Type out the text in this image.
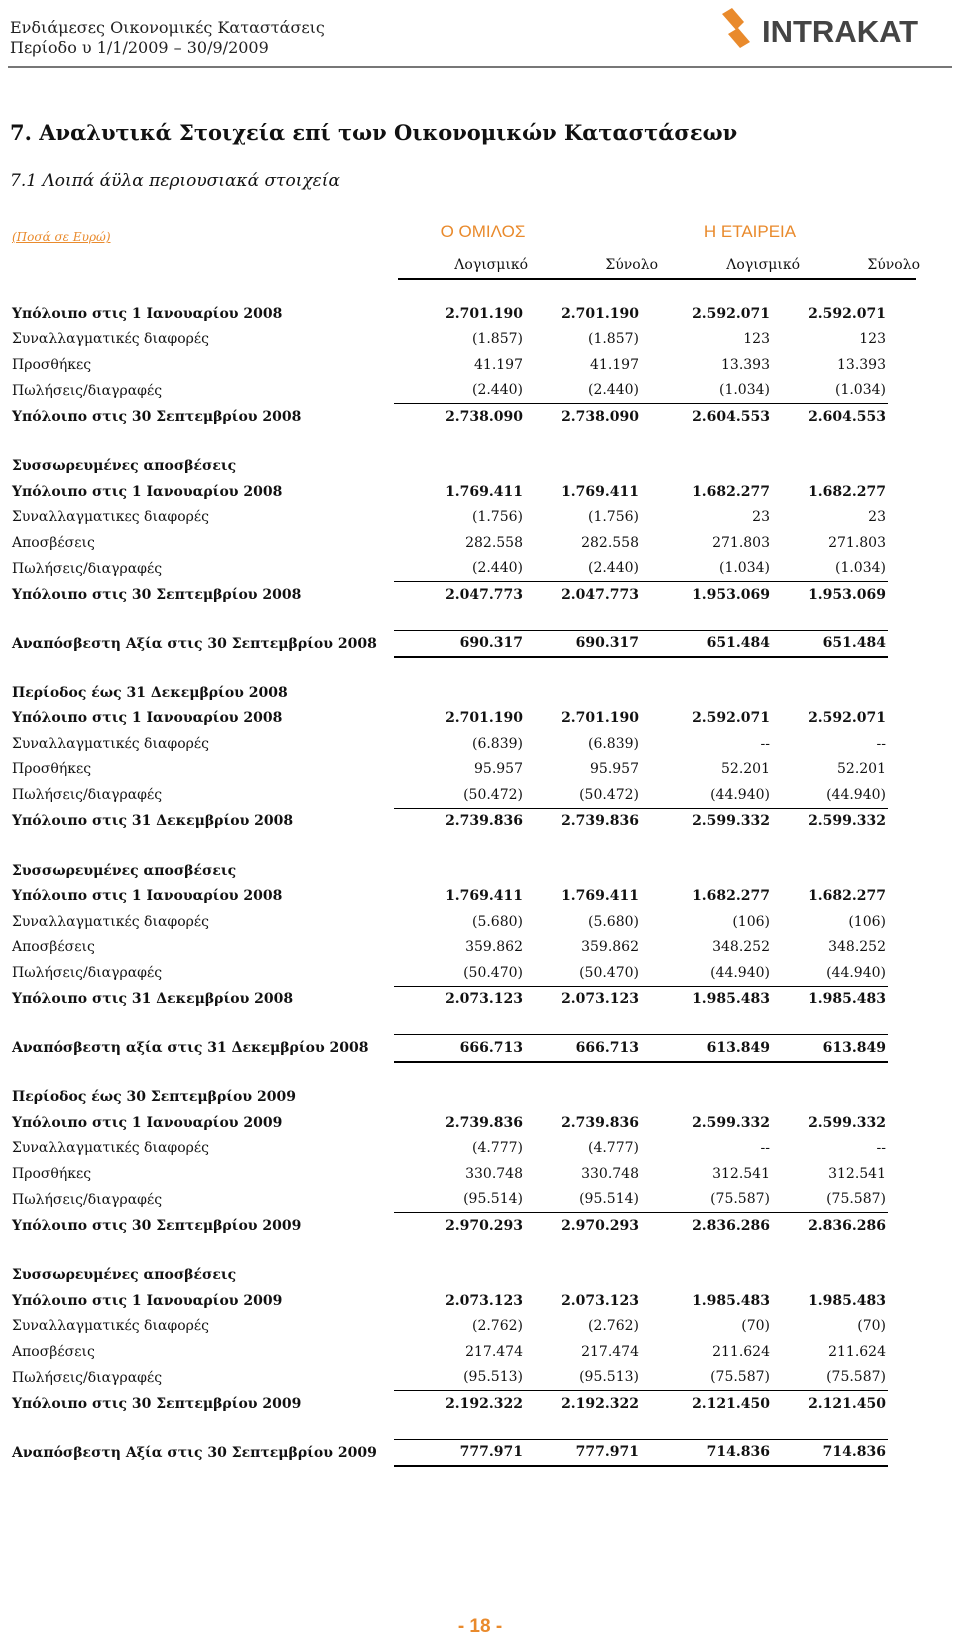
Ενδιάμεσες Οικονομικές Καταστάσεις
Περίοδο υ 1/1/2009 – 30/9/2009	INTRAKAT
7. Αναλυτικά Στοιχεία επί των Οικονομικών Καταστάσεων
7.1 Λοιπά άϋλα περιουσιακά στοιχεία
(Ποσά σε Ευρώ)	Ο ΟΜΙΛΟΣ	Η ΕΤΑΙΡΕΙΑ
Λογισμικό	Σύνολο	Λογισμικό	Σύνολο
Υπόλοιπο στις 1 Ιανουαρίου 2008	2.701.190	2.701.190	2.592.071	2.592.071
Συναλλαγματικές διαφορές	(1.857)	(1.857)	123	123
Προσθήκες	41.197	41.197	13.393	13.393
Πωλήσεις/διαγραφές	(2.440)	(2.440)	(1.034)	(1.034)
Υπόλοιπο στις 30 Σεπτεμβρίου 2008	2.738.090	2.738.090	2.604.553	2.604.553

Συσσωρευμένες αποσβέσεις				
Υπόλοιπο στις 1 Ιανουαρίου 2008	1.769.411	1.769.411	1.682.277	1.682.277
Συναλλαγματικες διαφορές	(1.756)	(1.756)	23	23
Αποσβέσεις	282.558	282.558	271.803	271.803
Πωλήσεις/διαγραφές	(2.440)	(2.440)	(1.034)	(1.034)
Υπόλοιπο στις 30 Σεπτεμβρίου 2008	2.047.773	2.047.773	1.953.069	1.953.069

Αναπόσβεστη Αξία στις 30 Σεπτεμβρίου 2008	690.317	690.317	651.484	651.484

Περίοδος έως 31 Δεκεμβρίου 2008				
Υπόλοιπο στις 1 Ιανουαρίου 2008	2.701.190	2.701.190	2.592.071	2.592.071
Συναλλαγματικές διαφορές	(6.839)	(6.839)	--	--
Προσθήκες	95.957	95.957	52.201	52.201
Πωλήσεις/διαγραφές	(50.472)	(50.472)	(44.940)	(44.940)
Υπόλοιπο στις 31 Δεκεμβρίου 2008	2.739.836	2.739.836	2.599.332	2.599.332

Συσσωρευμένες αποσβέσεις				
Υπόλοιπο στις 1 Ιανουαρίου 2008	1.769.411	1.769.411	1.682.277	1.682.277
Συναλλαγματικές διαφορές	(5.680)	(5.680)	(106)	(106)
Αποσβέσεις	359.862	359.862	348.252	348.252
Πωλήσεις/διαγραφές	(50.470)	(50.470)	(44.940)	(44.940)
Υπόλοιπο στις 31 Δεκεμβρίου 2008	2.073.123	2.073.123	1.985.483	1.985.483

Αναπόσβεστη αξία στις 31 Δεκεμβρίου 2008	666.713	666.713	613.849	613.849

Περίοδος έως 30 Σεπτεμβρίου 2009				
Υπόλοιπο στις 1 Ιανουαρίου 2009	2.739.836	2.739.836	2.599.332	2.599.332
Συναλλαγματικές διαφορές	(4.777)	(4.777)	--	--
Προσθήκες	330.748	330.748	312.541	312.541
Πωλήσεις/διαγραφές	(95.514)	(95.514)	(75.587)	(75.587)
Υπόλοιπο στις 30 Σεπτεμβρίου 2009	2.970.293	2.970.293	2.836.286	2.836.286

Συσσωρευμένες αποσβέσεις				
Υπόλοιπο στις 1 Ιανουαρίου 2009	2.073.123	2.073.123	1.985.483	1.985.483
Συναλλαγματικές διαφορές	(2.762)	(2.762)	(70)	(70)
Αποσβέσεις	217.474	217.474	211.624	211.624
Πωλήσεις/διαγραφές	(95.513)	(95.513)	(75.587)	(75.587)
Υπόλοιπο στις 30 Σεπτεμβρίου 2009	2.192.322	2.192.322	2.121.450	2.121.450

Αναπόσβεστη Αξία στις 30 Σεπτεμβρίου 2009	777.971	777.971	714.836	714.836
- 18 -
